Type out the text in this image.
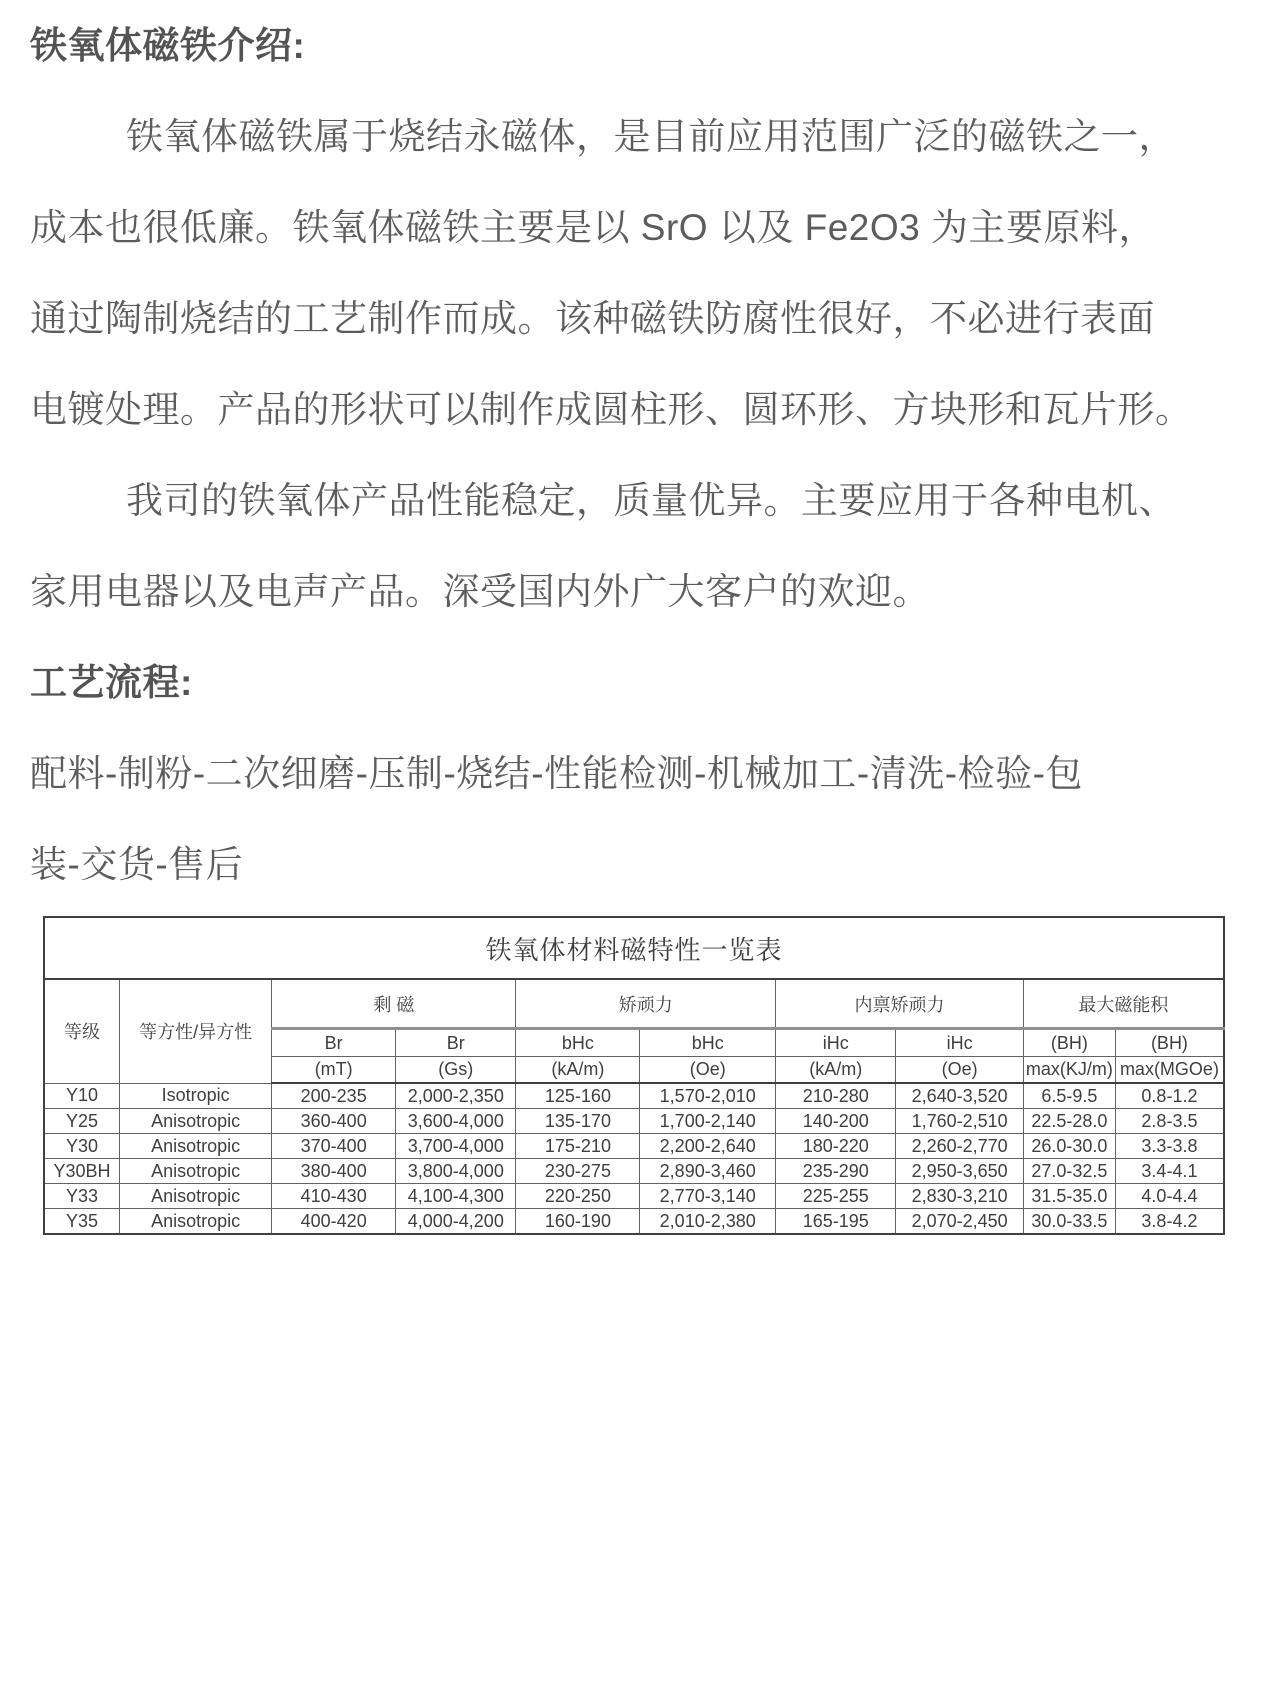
铁氧体磁铁介绍:
铁氧体磁铁属于烧结永磁体，是目前应用范围广泛的磁铁之一，
成本也很低廉。铁氧体磁铁主要是以 SrO 以及 Fe2O3 为主要原料，
通过陶制烧结的工艺制作而成。该种磁铁防腐性很好，不必进行表面
电镀处理。产品的形状可以制作成圆柱形、圆环形、方块形和瓦片形。
我司的铁氧体产品性能稳定，质量优异。主要应用于各种电机、
家用电器以及电声产品。深受国内外广大客户的欢迎。
工艺流程:
配料-制粉-二次细磨-压制-烧结-性能检测-机械加工-清洗-检验-包
装-交货-售后
铁氧体材料磁特性一览表									
等级	等方性/异方性	剩 磁		矫顽力		内禀矫顽力		最大磁能积	
		Br	Br	bHc	bHc	iHc	iHc	(BH)	(BH)
		(mT)	(Gs)	(kA/m)	(Oe)	(kA/m)	(Oe)	max(KJ/m)	max(MGOe)
Y10	Isotropic	200-235	2,000-2,350	125-160	1,570-2,010	210-280	2,640-3,520	6.5-9.5	0.8-1.2
Y25	Anisotropic	360-400	3,600-4,000	135-170	1,700-2,140	140-200	1,760-2,510	22.5-28.0	2.8-3.5
Y30	Anisotropic	370-400	3,700-4,000	175-210	2,200-2,640	180-220	2,260-2,770	26.0-30.0	3.3-3.8
Y30BH	Anisotropic	380-400	3,800-4,000	230-275	2,890-3,460	235-290	2,950-3,650	27.0-32.5	3.4-4.1
Y33	Anisotropic	410-430	4,100-4,300	220-250	2,770-3,140	225-255	2,830-3,210	31.5-35.0	4.0-4.4
Y35	Anisotropic	400-420	4,000-4,200	160-190	2,010-2,380	165-195	2,070-2,450	30.0-33.5	3.8-4.2
